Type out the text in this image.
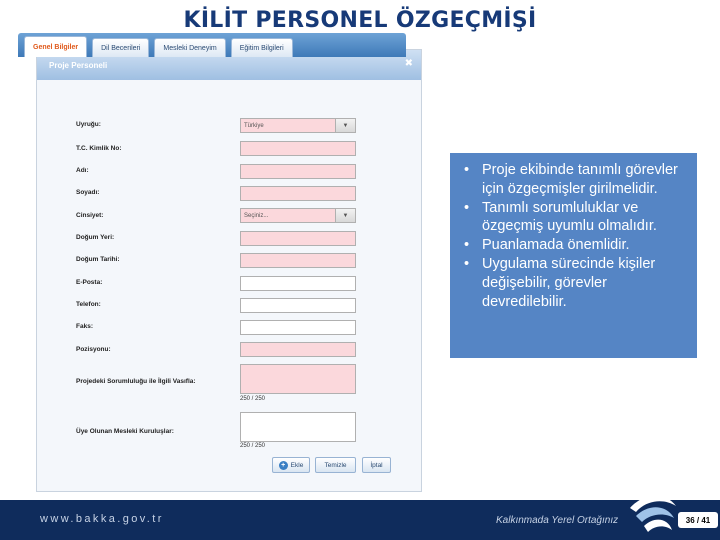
KİLİT PERSONEL ÖZGEÇMİŞİ
Proje Personeli	✖
Genel Bilgiler	Dil Becerileri	Mesleki Deneyim	Eğitim Bilgileri
Uyruğu:	Türkiye	▼
T.C. Kimlik No:
Adı:
Soyadı:
Cinsiyet:	Seçiniz...	▼
Doğum Yeri:
Doğum Tarihi:
E-Posta:
Telefon:
Faks:
Pozisyonu:
Projedeki Sorumluluğu ile İlgili Vasıfla:
250 / 250
Üye Olunan Mesleki Kuruluşlar:
250 / 250
+ Ekle	Temizle	İptal
• Proje ekibinde tanımlı görevler için özgeçmişler girilmelidir.
• Tanımlı sorumluluklar ve özgeçmiş uyumlu olmalıdır.
• Puanlamada önemlidir.
• Uygulama sürecinde kişiler değişebilir, görevler devredilebilir.
www.bakka.gov.tr	Kalkınmada Yerel Ortağınız	36 / 41
